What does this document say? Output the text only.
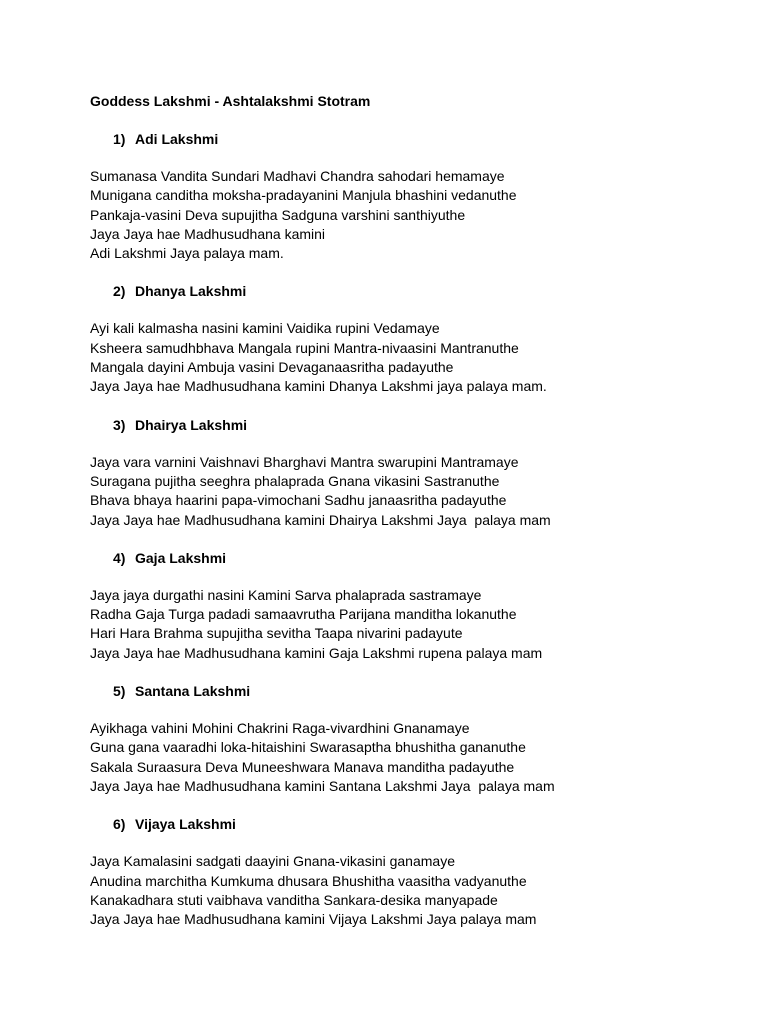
Goddess Lakshmi - Ashtalakshmi Stotram
1) Adi Lakshmi
Sumanasa Vandita Sundari Madhavi Chandra sahodari hemamaye
Munigana canditha moksha-pradayanini Manjula bhashini vedanuthe
Pankaja-vasini Deva supujitha Sadguna varshini santhiyuthe
Jaya Jaya hae Madhusudhana kamini
Adi Lakshmi Jaya palaya mam.
2) Dhanya Lakshmi
Ayi kali kalmasha nasini kamini Vaidika rupini Vedamaye
Ksheera samudhbhava Mangala rupini Mantra-nivaasini Mantranuthe
Mangala dayini Ambuja vasini Devaganaasritha padayuthe
Jaya Jaya hae Madhusudhana kamini Dhanya Lakshmi jaya palaya mam.
3) Dhairya Lakshmi
Jaya vara varnini Vaishnavi Bharghavi Mantra swarupini Mantramaye
Suragana pujitha seeghra phalaprada Gnana vikasini Sastranuthe
Bhava bhaya haarini papa-vimochani Sadhu janaasritha padayuthe
Jaya Jaya hae Madhusudhana kamini Dhairya Lakshmi Jaya  palaya mam
4) Gaja Lakshmi
Jaya jaya durgathi nasini Kamini Sarva phalaprada sastramaye
Radha Gaja Turga padadi samaavrutha Parijana manditha lokanuthe
Hari Hara Brahma supujitha sevitha Taapa nivarini padayute
Jaya Jaya hae Madhusudhana kamini Gaja Lakshmi rupena palaya mam
5) Santana Lakshmi
Ayikhaga vahini Mohini Chakrini Raga-vivardhini Gnanamaye
Guna gana vaaradhi loka-hitaishini Swarasaptha bhushitha gananuthe
Sakala Suraasura Deva Muneeshwara Manava manditha padayuthe
Jaya Jaya hae Madhusudhana kamini Santana Lakshmi Jaya  palaya mam
6) Vijaya Lakshmi
Jaya Kamalasini sadgati daayini Gnana-vikasini ganamaye
Anudina marchitha Kumkuma dhusara Bhushitha vaasitha vadyanuthe
Kanakadhara stuti vaibhava vanditha Sankara-desika manyapade
Jaya Jaya hae Madhusudhana kamini Vijaya Lakshmi Jaya palaya mam
